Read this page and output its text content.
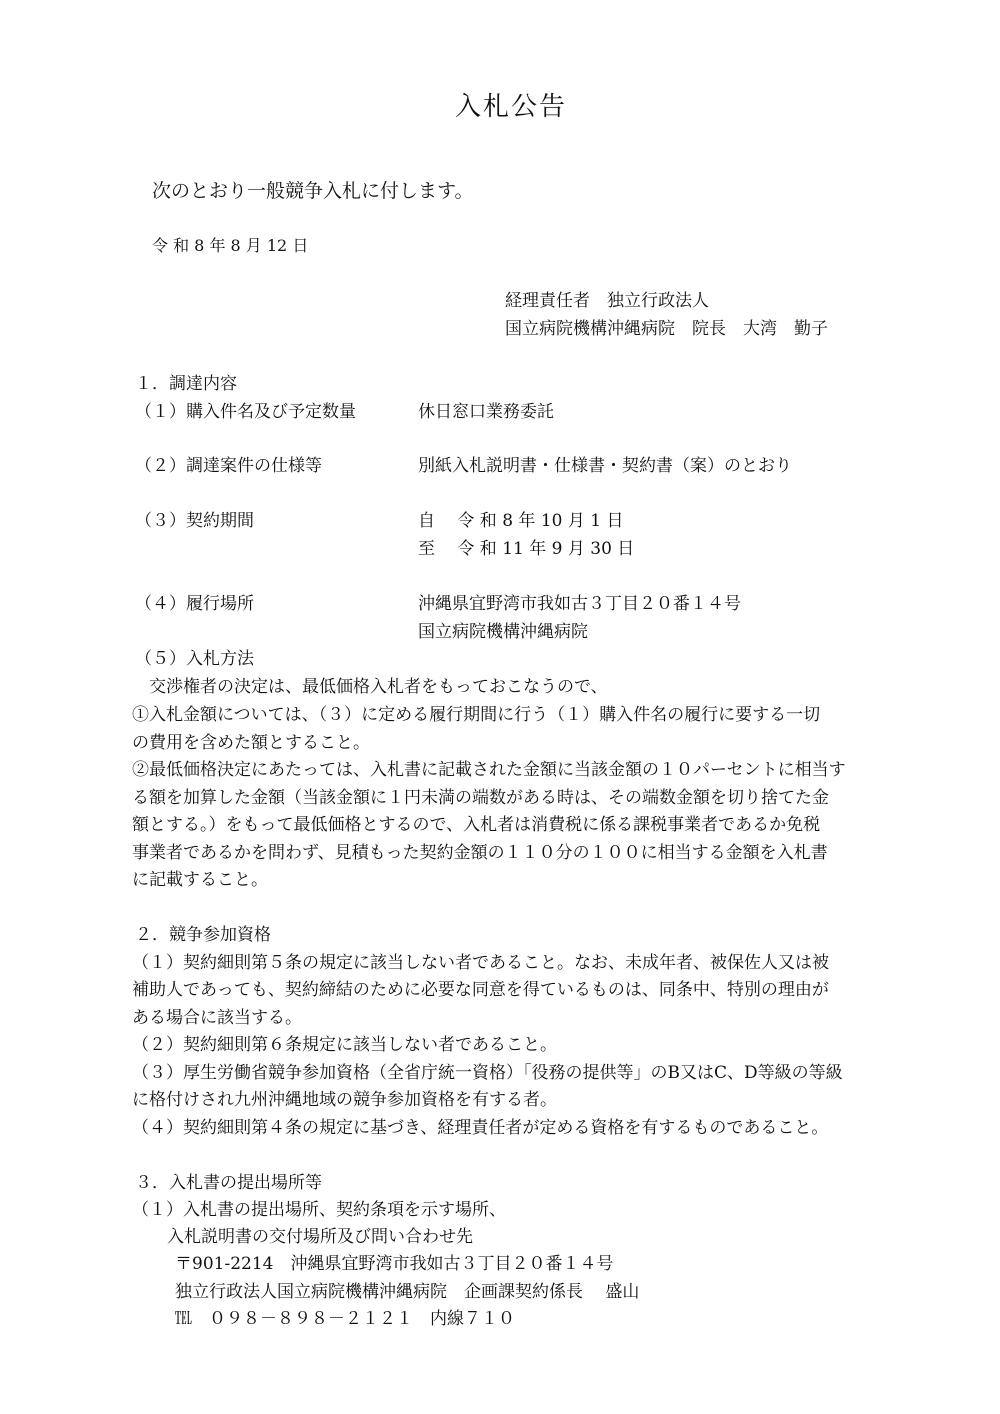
入札公告
次のとおり一般競争入札に付します。
令 和 8 年 8 月 12 日
経理責任者　独立行政法人
国立病院機構沖縄病院　院長　大湾　勤子
１．調達内容
（１）購入件名及び予定数量	休日窓口業務委託
（２）調達案件の仕様等	別紙入札説明書・仕様書・契約書（案）のとおり
（３）契約期間	自　 令 和 8 年 10 月 1 日
至　 令 和 11 年 9 月 30 日
（４）履行場所	沖縄県宜野湾市我如古３丁目２０番１４号
国立病院機構沖縄病院
（５）入札方法
　交渉権者の決定は、最低価格入札者をもっておこなうので、
①入札金額については、（３）に定める履行期間に行う（１）購入件名の履行に要する一切
の費用を含めた額とすること。
②最低価格決定にあたっては、入札書に記載された金額に当該金額の１０パーセントに相当す
る額を加算した金額（当該金額に１円未満の端数がある時は、その端数金額を切り捨てた金
額とする。）をもって最低価格とするので、入札者は消費税に係る課税事業者であるか免税
事業者であるかを問わず、見積もった契約金額の１１０分の１００に相当する金額を入札書
に記載すること。
２．競争参加資格
（１）契約細則第５条の規定に該当しない者であること。なお、未成年者、被保佐人又は被
補助人であっても、契約締結のために必要な同意を得ているものは、同条中、特別の理由が
ある場合に該当する。
（２）契約細則第６条規定に該当しない者であること。
（３）厚生労働省競争参加資格（全省庁統一資格）「役務の提供等」のB又はC、D等級の等級
に格付けされ九州沖縄地域の競争参加資格を有する者。
（４）契約細則第４条の規定に基づき、経理責任者が定める資格を有するものであること。
３．入札書の提出場所等
（１）入札書の提出場所、契約条項を示す場所、
　入札説明書の交付場所及び問い合わせ先
〒901-2214　沖縄県宜野湾市我如古３丁目２０番１４号
独立行政法人国立病院機構沖縄病院　企画課契約係長　 盛山
℡　０９８－８９８－２１２１　内線７１０
